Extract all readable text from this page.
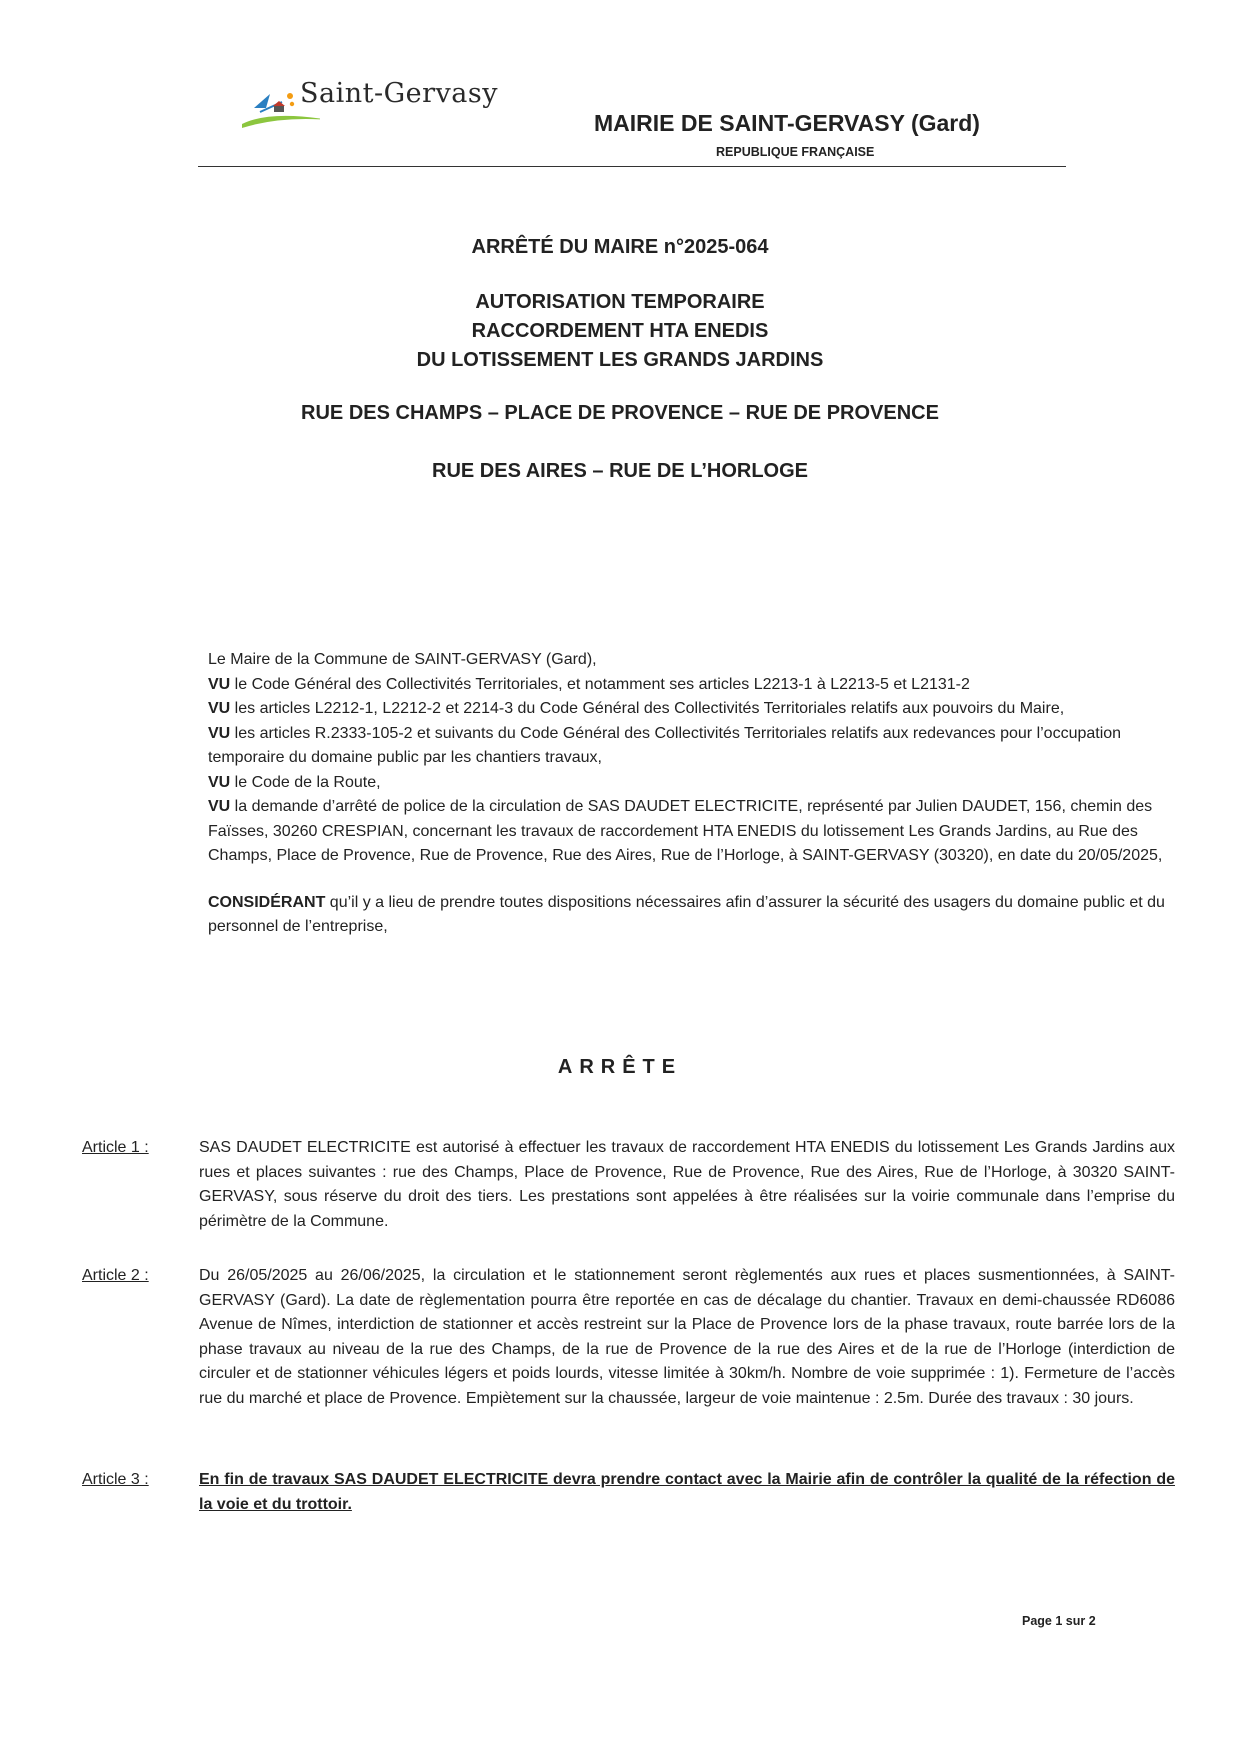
Saint-Gervasy
MAIRIE DE SAINT-GERVASY (Gard)
REPUBLIQUE FRANÇAISE
ARRÊTÉ DU MAIRE n°2025-064
AUTORISATION TEMPORAIRE
RACCORDEMENT HTA ENEDIS
DU LOTISSEMENT LES GRANDS JARDINS
RUE DES CHAMPS – PLACE DE PROVENCE – RUE DE PROVENCE
RUE DES AIRES – RUE DE L’HORLOGE

Le Maire de la Commune de SAINT-GERVASY (Gard),

VU le Code Général des Collectivités Territoriales, et notamment ses articles L2213-1 à L2213-5 et L2131-2

VU les articles L2212-1, L2212-2 et 2214-3 du Code Général des Collectivités Territoriales relatifs aux pouvoirs du Maire,

VU les articles R.2333-105-2 et suivants du Code Général des Collectivités Territoriales relatifs aux redevances pour l’occupation temporaire du domaine public par les chantiers travaux,

VU le Code de la Route,

VU la demande d’arrêté de police de la circulation de SAS DAUDET ELECTRICITE, représenté par Julien DAUDET, 156, chemin des Faïsses, 30260 CRESPIAN, concernant les travaux de raccordement HTA ENEDIS du lotissement Les Grands Jardins, au Rue des Champs, Place de Provence, Rue de Provence, Rue des Aires, Rue de l’Horloge, à SAINT-GERVASY (30320), en date du 20/05/2025,

CONSIDÉRANT qu’il y a lieu de prendre toutes dispositions nécessaires afin d’assurer la sécurité des usagers du domaine public et du personnel de l’entreprise,

ARRÊTE
Article 1 :	SAS DAUDET ELECTRICITE est autorisé à effectuer les travaux de raccordement HTA ENEDIS du lotissement Les Grands Jardins aux rues et places suivantes : rue des Champs, Place de Provence, Rue de Provence, Rue des Aires, Rue de l’Horloge, à 30320 SAINT-GERVASY, sous réserve du droit des tiers. Les prestations sont appelées à être réalisées sur la voirie communale dans l’emprise du périmètre de la Commune.
Article 2 :	Du 26/05/2025 au 26/06/2025, la circulation et le stationnement seront règlementés aux rues et places susmentionnées, à SAINT-GERVASY (Gard). La date de règlementation pourra être reportée en cas de décalage du chantier. Travaux en demi-chaussée RD6086 Avenue de Nîmes, interdiction de stationner et accès restreint sur la Place de Provence lors de la phase travaux, route barrée lors de la phase travaux au niveau de la rue des Champs, de la rue de Provence de la rue des Aires et de la rue de l’Horloge (interdiction de circuler et de stationner véhicules légers et poids lourds, vitesse limitée à 30km/h. Nombre de voie supprimée : 1). Fermeture de l’accès rue du marché et place de Provence. Empiètement sur la chaussée, largeur de voie maintenue : 2.5m. Durée des travaux : 30 jours.
Article 3 :	En fin de travaux SAS DAUDET ELECTRICITE devra prendre contact avec la Mairie afin de contrôler la qualité de la réfection de la voie et du trottoir.
Page 1 sur 2
